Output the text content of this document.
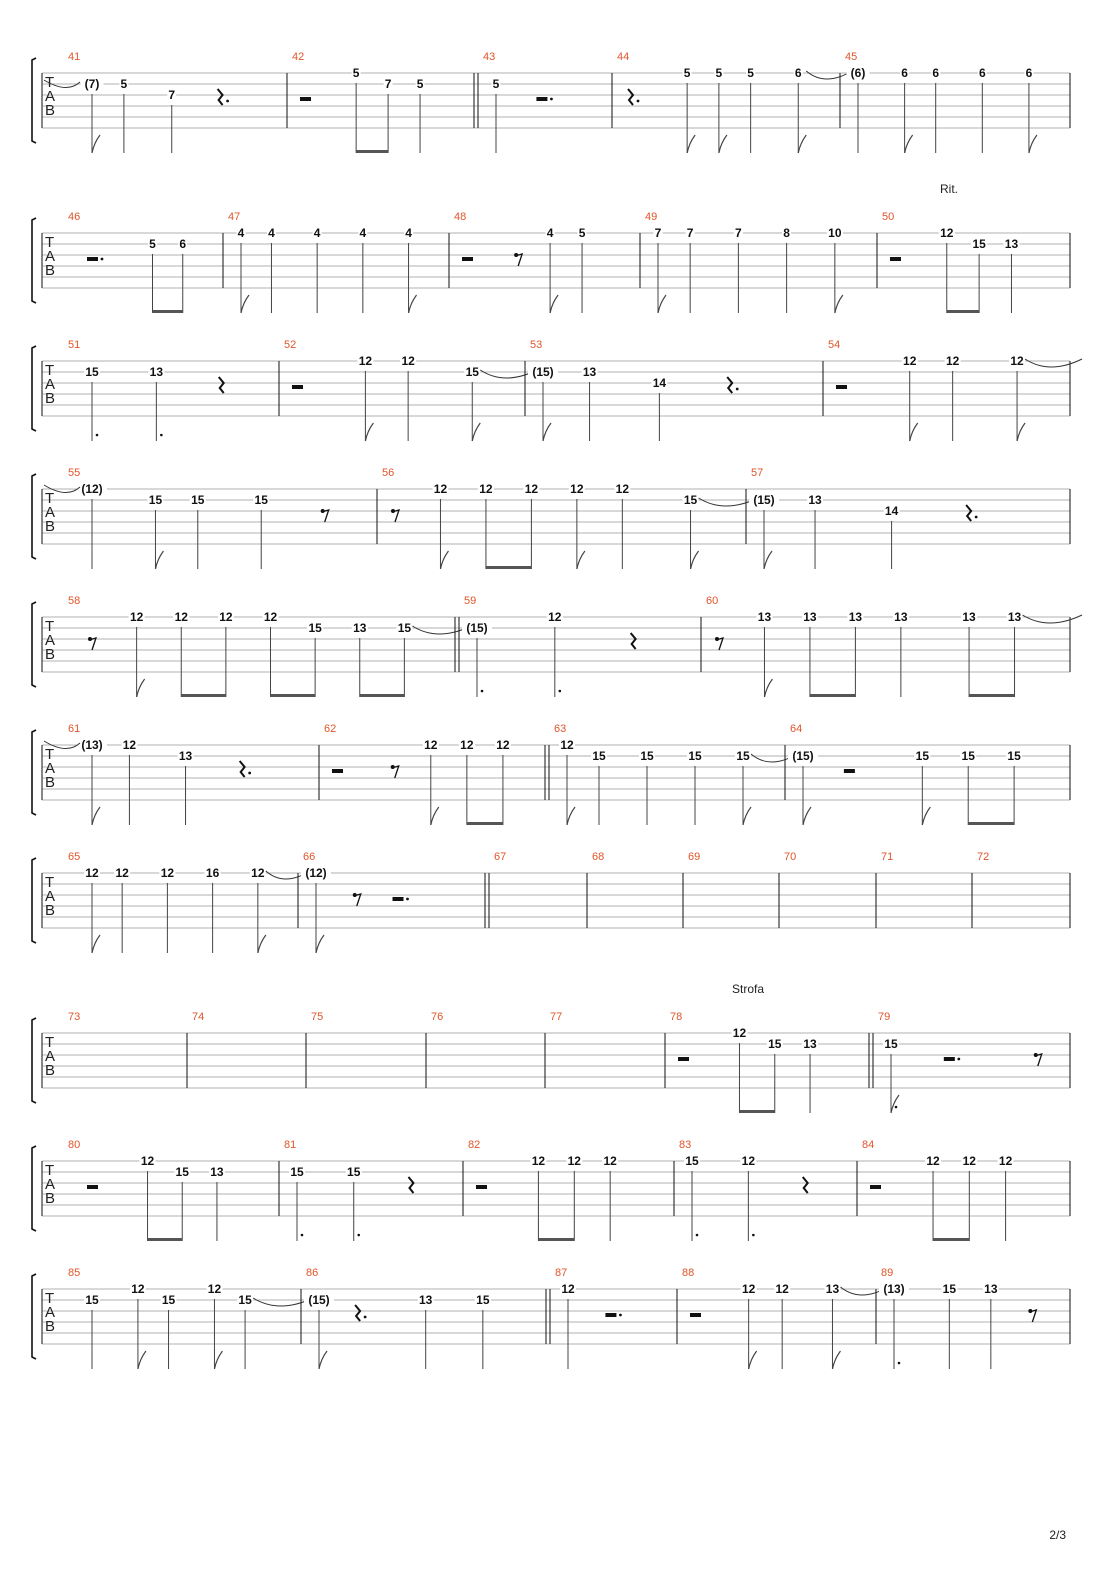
T
A
B
41
(7) 5
7
42
5
7 5
43
5
44
5 5 5	6
45
(6)	6 6	6	6
T
A
B
Rit.
46
5 6
47
4 4	4	4	4
48
4 5
49
7 7	7	8	10
50
12
15 13
T
A
B
51
15	13
52
12 12
15
53
(15) 13
14
54
12 12	12
T
A
B
55
(12)
15 15	15
56
12	12	12	12	12
15
57
(15)	13
14
T
A
B
58
12	12	12	12
15	13	15
59
(15)
12
60
13	13	13	13	13	13
T
A
B
61
(13) 12
13
62
12 12 12
63
12
15	15	15	15
64
(15)	15	15	15
T
A
B
65
12 12	12	16	12
66
(12)
67	68	69	70	71	72
T
A
B
Strofa
73	74	75	76	77	78
12
15 13
79
15
T
A
B
80
12
15 13
81
15	15
82
12 12 12
83
15	12
84
12 12 12
T
A
B
85
15
12
15
12
15
86
(15)	13	15
87
12
88
12 12	13
89
(13)	15 13
2/3
